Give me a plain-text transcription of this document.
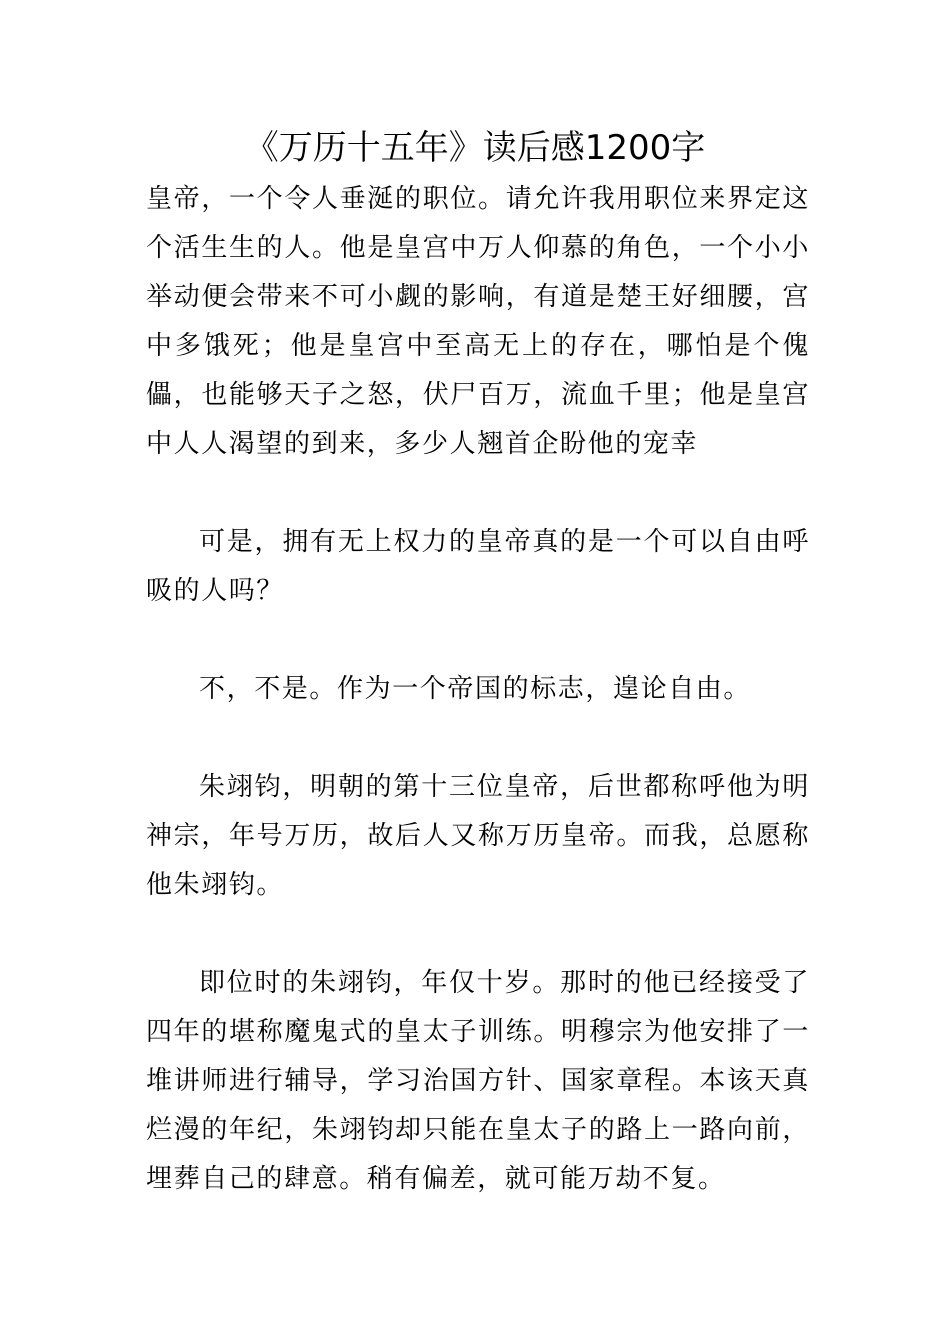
《万历十五年》读后感1200字

皇帝，一个令人垂涎的职位。请允许我用职位来界定这个活生生的人。他是皇宫中万人仰慕的角色，一个小小举动便会带来不可小觑的影响，有道是楚王好细腰，宫中多饿死；他是皇宫中至高无上的存在，哪怕是个傀儡，也能够天子之怒，伏尸百万，流血千里；他是皇宫中人人渴望的到来，多少人翘首企盼他的宠幸

可是，拥有无上权力的皇帝真的是一个可以自由呼吸的人吗？

不，不是。作为一个帝国的标志，遑论自由。

朱翊钧，明朝的第十三位皇帝，后世都称呼他为明神宗，年号万历，故后人又称万历皇帝。而我，总愿称他朱翊钧。

即位时的朱翊钧，年仅十岁。那时的他已经接受了四年的堪称魔鬼式的皇太子训练。明穆宗为他安排了一堆讲师进行辅导，学习治国方针、国家章程。本该天真烂漫的年纪，朱翊钧却只能在皇太子的路上一路向前，埋葬自己的肆意。稍有偏差，就可能万劫不复。
